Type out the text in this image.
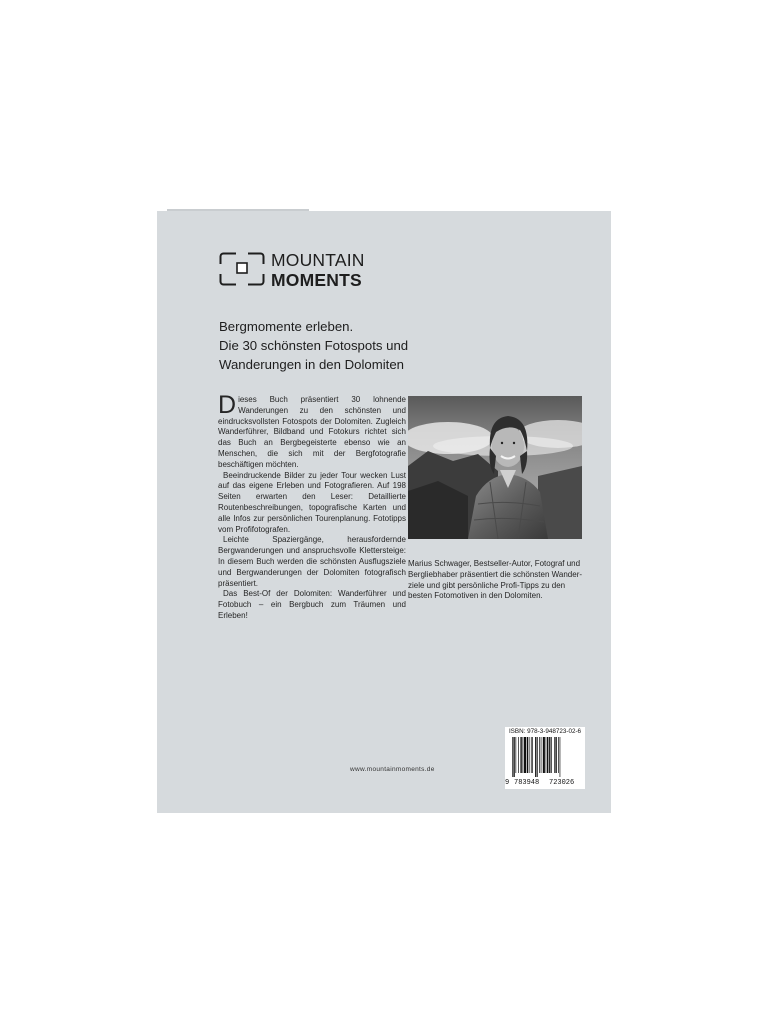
MOUNTAIN
MOMENTS
Bergmomente erleben.
Die 30 schönsten Fotospots und
Wanderungen in den Dolomiten

Dieses Buch präsentiert 30 lohnende Wanderungen zu den schönsten und eindrucksvollsten Fotospots der Dolomiten. Zugleich Wanderführer, Bildband und Fotokurs richtet sich das Buch an Bergbegeisterte ebenso wie an Menschen, die sich mit der Bergfotografie beschäftigen möchten.

Beeindruckende Bilder zu jeder Tour wecken Lust auf das eigene Erleben und Fotografieren. Auf 198 Seiten erwarten den Leser: Detaillierte Routenbeschreibungen, topografische Karten und alle Infos zur persönlichen Tourenplanung. Fototipps vom Profifotografen.

Leichte Spaziergänge, herausfordernde Bergwanderungen und anspruchsvolle Klettersteige: In diesem Buch werden die schönsten Ausflugsziele und Bergwanderungen der Dolomiten fotografisch präsentiert.

Das Best-Of der Dolomiten: Wanderführer und Fotobuch – ein Bergbuch zum Träumen und Erleben!

Marius Schwager, Bestseller-Autor, Fotograf und
Bergliebhaber präsentiert die schönsten Wander-
ziele und gibt persönliche Profi-Tipps zu den
besten Fotomotiven in den Dolomiten.
www.mountainmoments.de
ISBN: 978-3-948723-02-6
9 783948 723026
